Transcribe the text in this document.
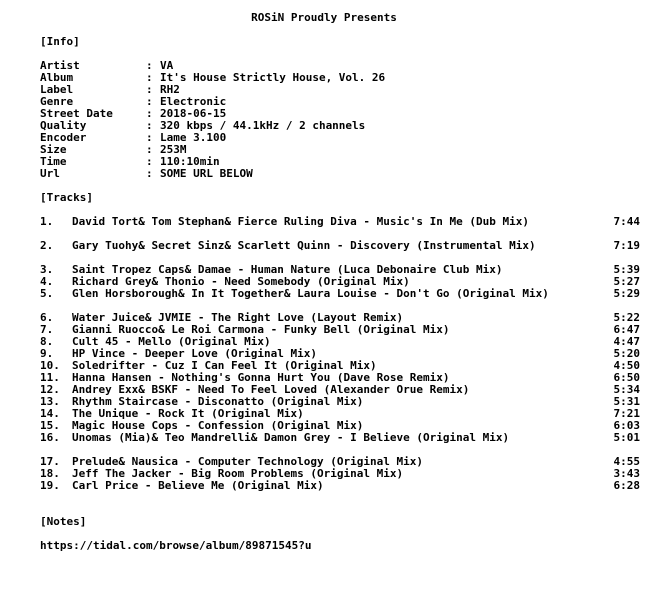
ROSiN Proudly Presents
[Info]
Artist	: VA
Album	: It's House Strictly House, Vol. 26
Label	: RH2
Genre	: Electronic
Street Date	: 2018-06-15
Quality	: 320 kbps / 44.1kHz / 2 channels
Encoder	: Lame 3.100
Size	: 253M
Time	: 110:10min
Url	: SOME URL BELOW
[Tracks]
1. David Tort& Tom Stephan& Fierce Ruling Diva - Music's In Me (Dub Mix)	7:44
2. Gary Tuohy& Secret Sinz& Scarlett Quinn - Discovery (Instrumental Mix)	7:19
3. Saint Tropez Caps& Damae - Human Nature (Luca Debonaire Club Mix)	5:39
4. Richard Grey& Thonio - Need Somebody (Original Mix)	5:27
5. Glen Horsborough& In It Together& Laura Louise - Don't Go (Original Mix)	5:29
6. Water Juice& JVMIE - The Right Love (Layout Remix)	5:22
7. Gianni Ruocco& Le Roi Carmona - Funky Bell (Original Mix)	6:47
8. Cult 45 - Mello (Original Mix)	4:47
9. HP Vince - Deeper Love (Original Mix)	5:20
10. Soledrifter - Cuz I Can Feel It (Original Mix)	4:50
11. Hanna Hansen - Nothing's Gonna Hurt You (Dave Rose Remix)	6:50
12. Andrey Exx& BSKF - Need To Feel Loved (Alexander Orue Remix)	5:34
13. Rhythm Staircase - Disconatto (Original Mix)	5:31
14. The Unique - Rock It (Original Mix)	7:21
15. Magic House Cops - Confession (Original Mix)	6:03
16. Unomas (Mia)& Teo Mandrelli& Damon Grey - I Believe (Original Mix)	5:01
17. Prelude& Nausica - Computer Technology (Original Mix)	4:55
18. Jeff The Jacker - Big Room Problems (Original Mix)	3:43
19. Carl Price - Believe Me (Original Mix)	6:28
[Notes]
https://tidal.com/browse/album/89871545?u
